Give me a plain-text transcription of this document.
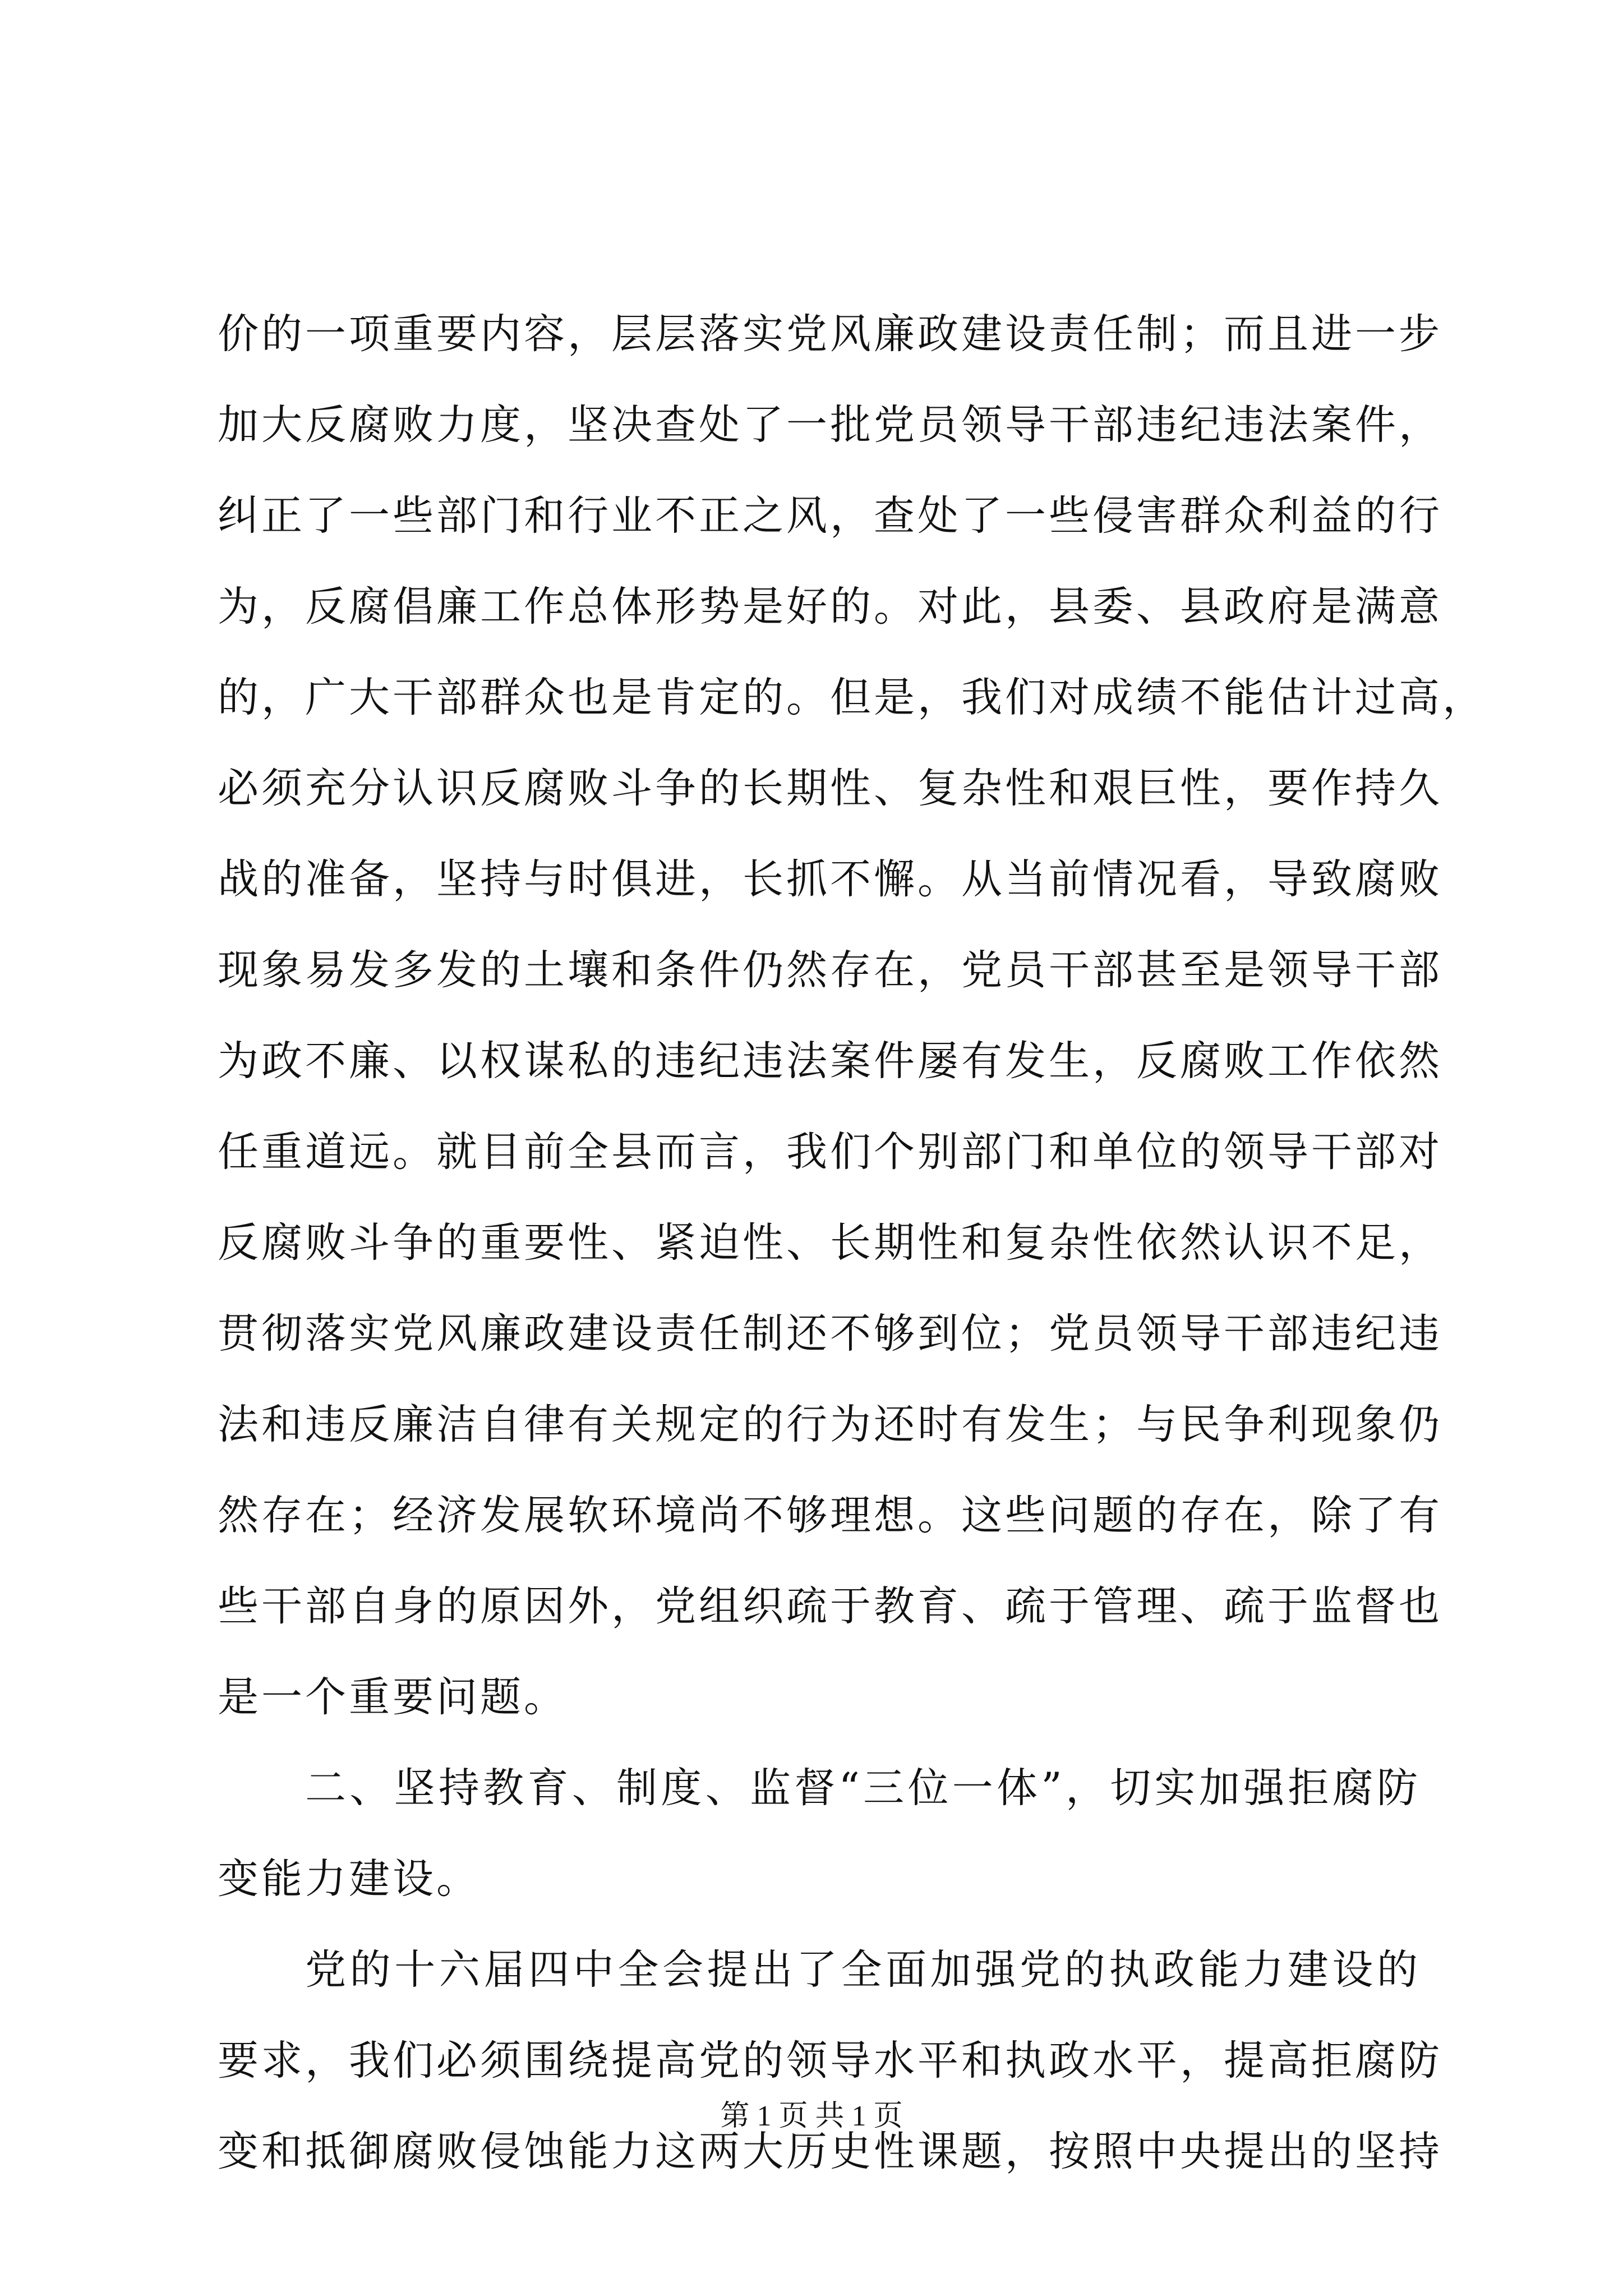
价的一项重要内容，层层落实党风廉政建设责任制；而且进一步
加大反腐败力度，坚决查处了一批党员领导干部违纪违法案件，
纠正了一些部门和行业不正之风，查处了一些侵害群众利益的行
为，反腐倡廉工作总体形势是好的。对此，县委、县政府是满意
的，广大干部群众也是肯定的。但是，我们对成绩不能估计过高，
必须充分认识反腐败斗争的长期性、复杂性和艰巨性，要作持久
战的准备，坚持与时俱进，长抓不懈。从当前情况看，导致腐败
现象易发多发的土壤和条件仍然存在，党员干部甚至是领导干部
为政不廉、以权谋私的违纪违法案件屡有发生，反腐败工作依然
任重道远。就目前全县而言，我们个别部门和单位的领导干部对
反腐败斗争的重要性、紧迫性、长期性和复杂性依然认识不足，
贯彻落实党风廉政建设责任制还不够到位；党员领导干部违纪违
法和违反廉洁自律有关规定的行为还时有发生；与民争利现象仍
然存在；经济发展软环境尚不够理想。这些问题的存在，除了有
些干部自身的原因外，党组织疏于教育、疏于管理、疏于监督也
是一个重要问题。
二、坚持教育、制度、监督“三位一体”，切实加强拒腐防
变能力建设。
党的十六届四中全会提出了全面加强党的执政能力建设的
要求，我们必须围绕提高党的领导水平和执政水平，提高拒腐防
变和抵御腐败侵蚀能力这两大历史性课题，按照中央提出的坚持
第 1 页 共 1 页
